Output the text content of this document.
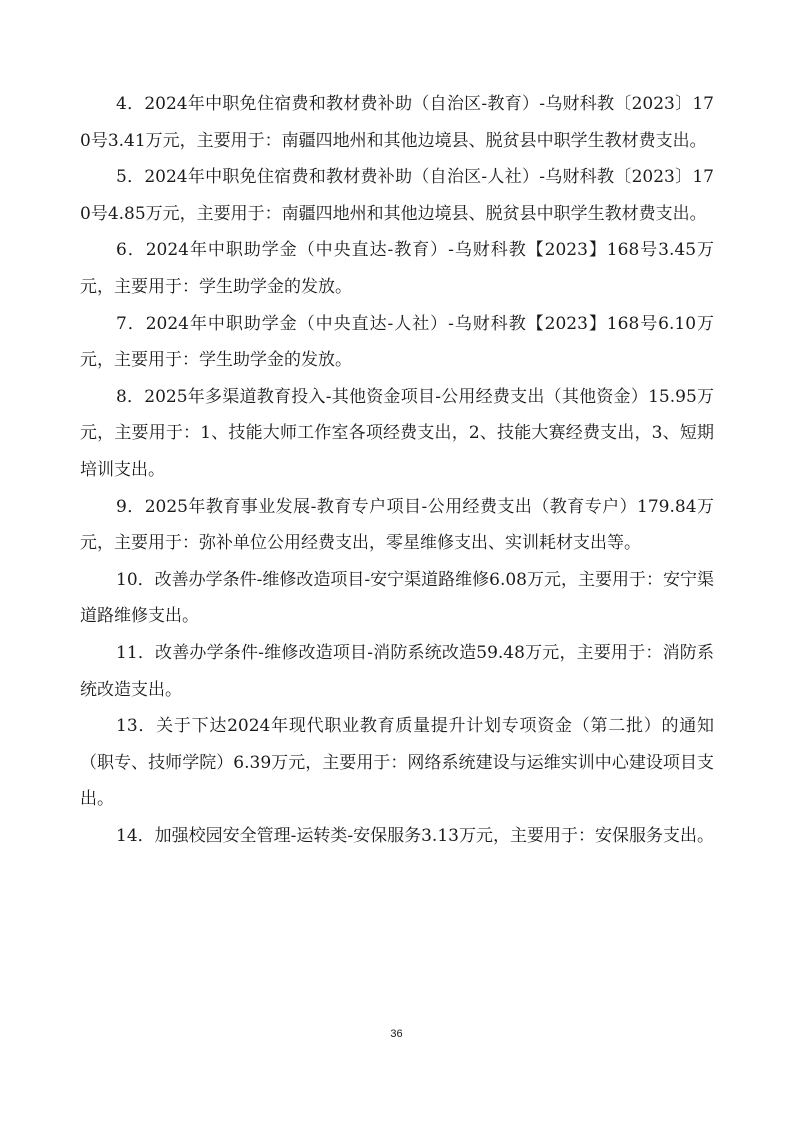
4．2024年中职免住宿费和教材费补助（自治区-教育）-乌财科教〔2023〕170号3.41万元，主要用于：南疆四地州和其他边境县、脱贫县中职学生教材费支出。

5．2024年中职免住宿费和教材费补助（自治区-人社）-乌财科教〔2023〕170号4.85万元，主要用于：南疆四地州和其他边境县、脱贫县中职学生教材费支出。

6．2024年中职助学金（中央直达-教育）-乌财科教【2023】168号3.45万元，主要用于：学生助学金的发放。

7．2024年中职助学金（中央直达-人社）-乌财科教【2023】168号6.10万元，主要用于：学生助学金的发放。

8．2025年多渠道教育投入-其他资金项目-公用经费支出（其他资金）15.95万元，主要用于：1、技能大师工作室各项经费支出，2、技能大赛经费支出，3、短期培训支出。

9．2025年教育事业发展-教育专户项目-公用经费支出（教育专户）179.84万元，主要用于：弥补单位公用经费支出，零星维修支出、实训耗材支出等。

10．改善办学条件-维修改造项目-安宁渠道路维修6.08万元，主要用于：安宁渠道路维修支出。

11．改善办学条件-维修改造项目-消防系统改造59.48万元，主要用于：消防系统改造支出。

13．关于下达2024年现代职业教育质量提升计划专项资金（第二批）的通知（职专、技师学院）6.39万元，主要用于：网络系统建设与运维实训中心建设项目支出。

14．加强校园安全管理-运转类-安保服务3.13万元，主要用于：安保服务支出。

36
